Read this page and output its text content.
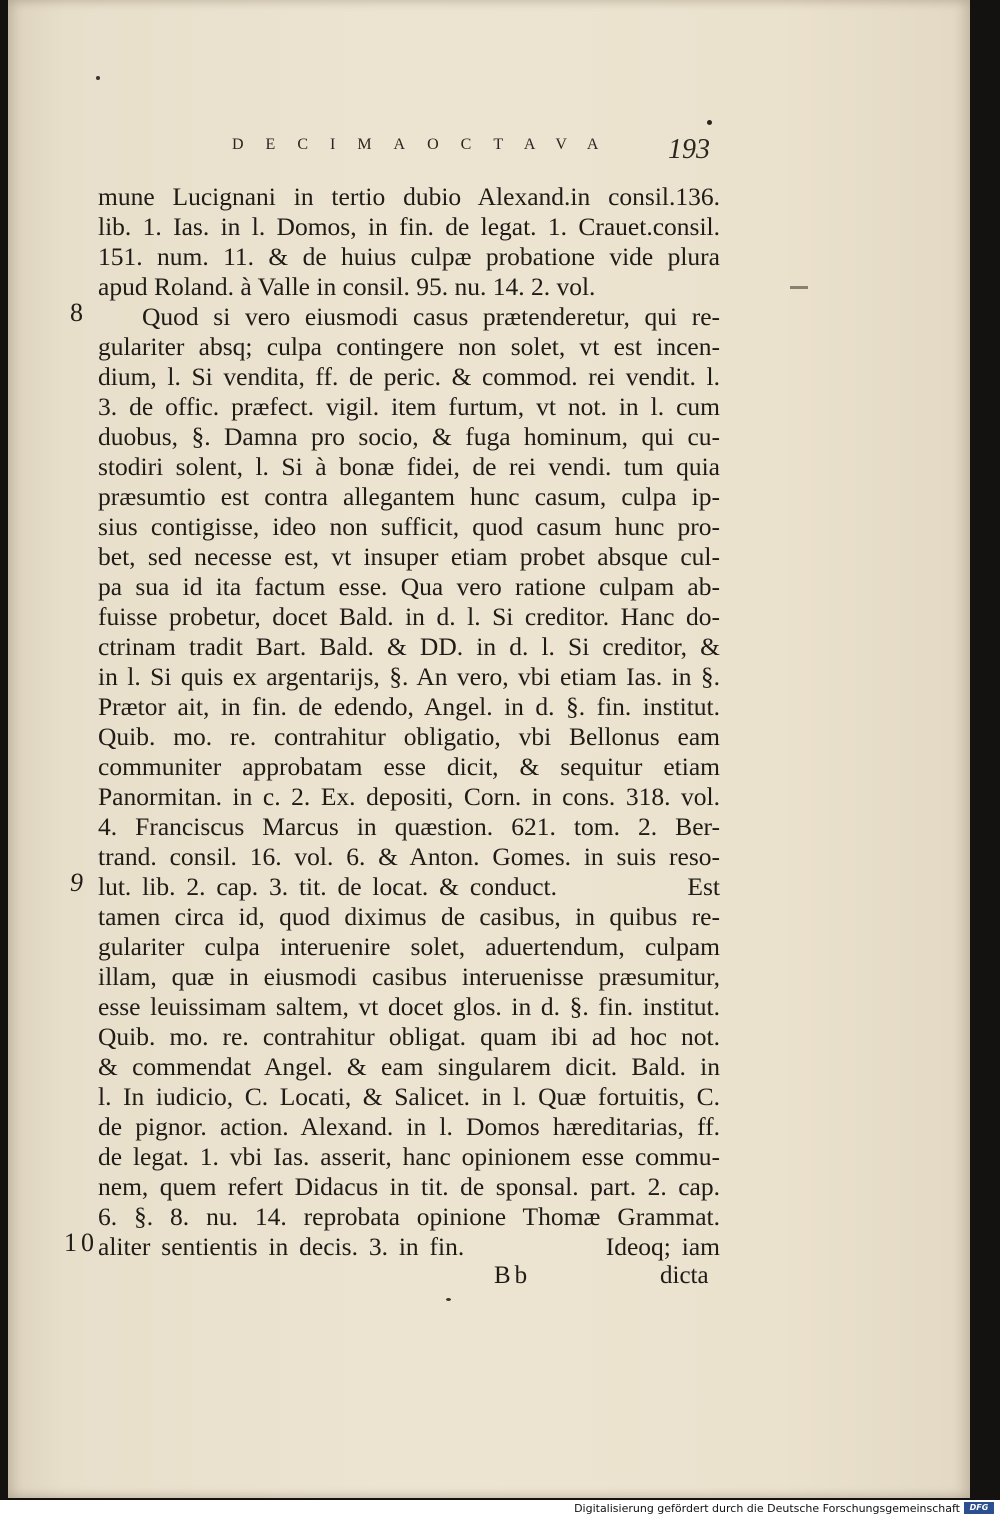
DECIMAOCTAVA 193
mune Lucignani in tertio dubio Alexand.in consil.136.
lib. 1. Ias. in l. Domos, in fin. de legat. 1. Crauet.consil.
151. num. 11. & de huius culpæ probatione vide plura
apud Roland. à Valle in consil. 95. nu. 14. 2. vol.
Quod si vero eiusmodi casus prætenderetur, qui re-
gulariter absq; culpa contingere non solet, vt est incen-
dium, l. Si vendita, ff. de peric. & commod. rei vendit. l.
3. de offic. præfect. vigil. item furtum, vt not. in l. cum
duobus, §. Damna pro socio, & fuga hominum, qui cu-
stodiri solent, l. Si à bonæ fidei, de rei vendi. tum quia
præsumtio est contra allegantem hunc casum, culpa ip-
sius contigisse, ideo non sufficit, quod casum hunc pro-
bet, sed necesse est, vt insuper etiam probet absque cul-
pa sua id ita factum esse. Qua vero ratione culpam ab-
fuisse probetur, docet Bald. in d. l. Si creditor. Hanc do-
ctrinam tradit Bart. Bald. & DD. in d. l. Si creditor, &
in l. Si quis ex argentarijs, §. An vero, vbi etiam Ias. in §.
Prætor ait, in fin. de edendo, Angel. in d. §. fin. institut.
Quib. mo. re. contrahitur obligatio, vbi Bellonus eam
communiter approbatam esse dicit, & sequitur etiam
Panormitan. in c. 2. Ex. depositi, Corn. in cons. 318. vol.
4. Franciscus Marcus in quæstion. 621. tom. 2. Ber-
trand. consil. 16. vol. 6. & Anton. Gomes. in suis reso-
lut. lib. 2. cap. 3. tit. de locat. & conduct.            Est
tamen circa id, quod diximus de casibus, in quibus re-
gulariter culpa interuenire solet, aduertendum, culpam
illam, quæ in eiusmodi casibus interuenisse præsumitur,
esse leuissimam saltem, vt docet glos. in d. §. fin. institut.
Quib. mo. re. contrahitur obligat. quam ibi ad hoc not.
& commendat Angel. & eam singularem dicit. Bald. in
l. In iudicio, C. Locati, & Salicet. in l. Quæ fortuitis, C.
de pignor. action. Alexand. in l. Domos hæreditarias, ff.
de legat. 1. vbi Ias. asserit, hanc opinionem esse commu-
nem, quem refert Didacus in tit. de sponsal. part. 2. cap.
6. §. 8. nu. 14. reprobata opinione Thomæ Grammat.
aliter sentientis in decis. 3. in fin.             Ideoq; iam
8
9
10
Bb	dicta
Digitalisierung gefördert durch die Deutsche Forschungsgemeinschaft	DFG
